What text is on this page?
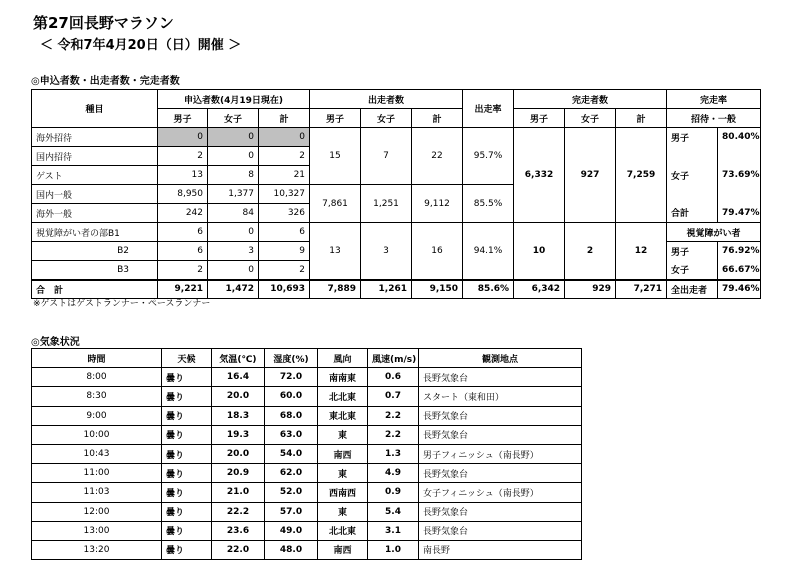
第27回長野マラソン
＜ 令和7年4月20日（日）開催 ＞
◎申込者数・出走者数・完走者数
種目	申込者数(4月19日現在)			出走者数			出走率	完走者数			完走率	
	男子	女子	計	男子	女子	計		男子	女子	計	招待・一般	
海外招待	0	0	0	15	7	22	95.7%	6,332	927	7,259	男子	80.40%
国内招待	2	0	2									
ゲスト	13	8	21								女子	73.69%
国内一般	8,950	1,377	10,327	7,861	1,251	9,112	85.5%					
海外一般	242	84	326								合計	79.47%
視覚障がい者の部B1	6	0	6	13	3	16	94.1%	10	2	12	視覚障がい者	
B2	6	3	9								男子	76.92%
B3	2	0	2								女子	66.67%
合　計	9,221	1,472	10,693	7,889	1,261	9,150	85.6%	6,342	929	7,271	全出走者	79.46%
※ゲストはゲストランナー・ペースランナー
◎気象状況
時間	天候	気温(℃)	湿度(%)	風向	風速(m/s)	観測地点
8:00	曇り	16.4	72.0	南南東	0.6	長野気象台
8:30	曇り	20.0	60.0	北北東	0.7	スタート（東和田）
9:00	曇り	18.3	68.0	東北東	2.2	長野気象台
10:00	曇り	19.3	63.0	東	2.2	長野気象台
10:43	曇り	20.0	54.0	南西	1.3	男子フィニッシュ（南長野）
11:00	曇り	20.9	62.0	東	4.9	長野気象台
11:03	曇り	21.0	52.0	西南西	0.9	女子フィニッシュ（南長野）
12:00	曇り	22.2	57.0	東	5.4	長野気象台
13:00	曇り	23.6	49.0	北北東	3.1	長野気象台
13:20	曇り	22.0	48.0	南西	1.0	南長野
